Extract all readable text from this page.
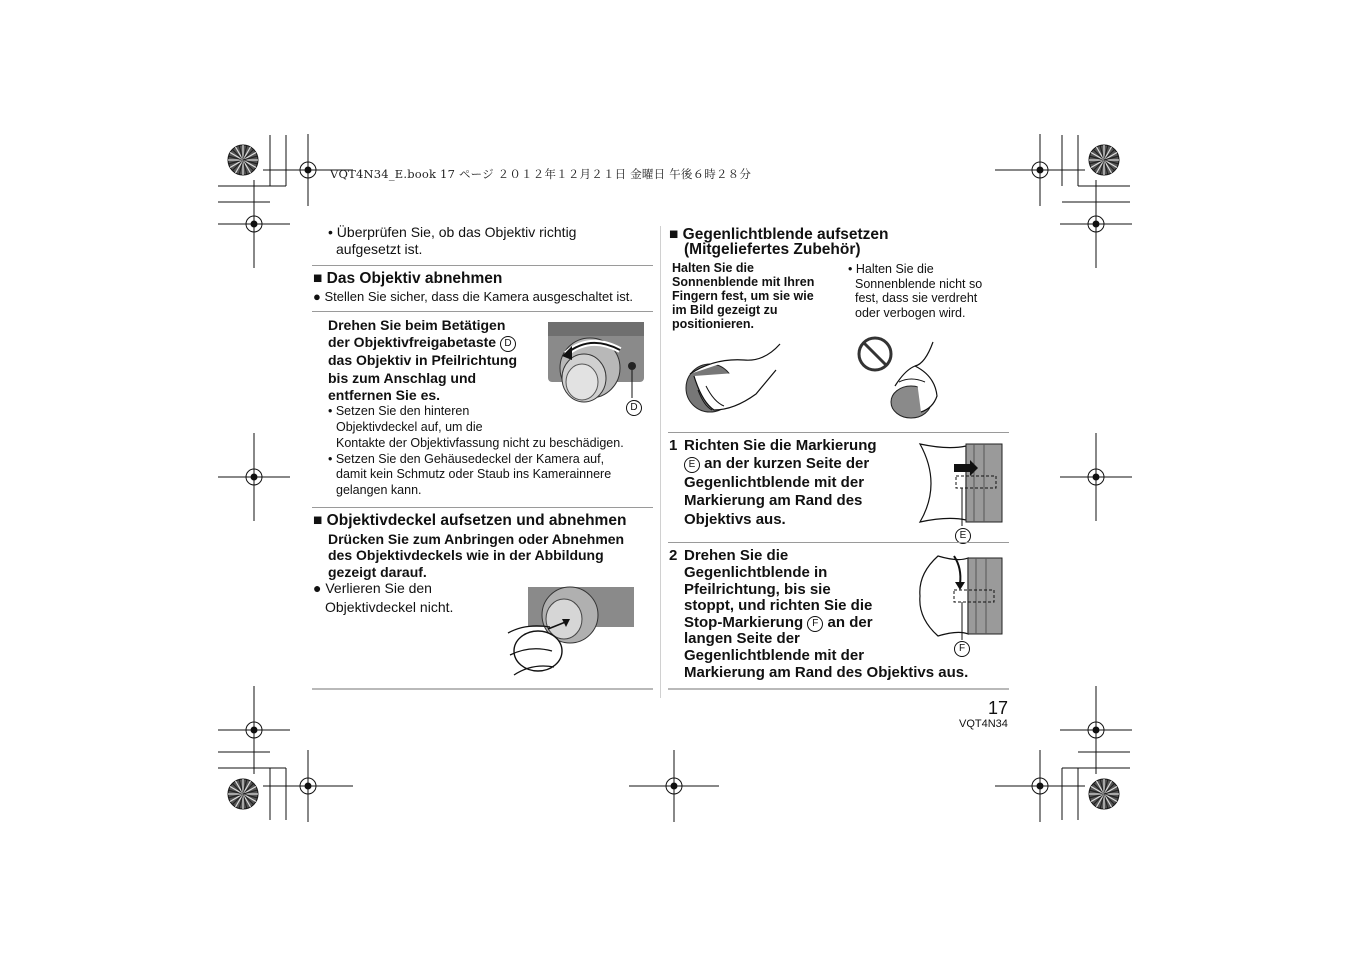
VQT4N34_E.book 17 ページ ２０１２年１２月２１日 金曜日 午後６時２８分
• Überprüfen Sie, ob das Objektiv richtig
aufgesetzt ist.
■ Das Objektiv abnehmen
● Stellen Sie sicher, dass die Kamera ausgeschaltet ist.
Drehen Sie beim Betätigen
der Objektivfreigabetaste D
das Objektiv in Pfeilrichtung
bis zum Anschlag und
entfernen Sie es.
• Setzen Sie den hinteren
Objektivdeckel auf, um die
Kontakte der Objektivfassung nicht zu beschädigen.
• Setzen Sie den Gehäusedeckel der Kamera auf,
damit kein Schmutz oder Staub ins Kamerainnere
gelangen kann.
D
■ Objektivdeckel aufsetzen und abnehmen
Drücken Sie zum Anbringen oder Abnehmen
des Objektivdeckels wie in der Abbildung
gezeigt darauf.
● Verlieren Sie den
Objektivdeckel nicht.
■ Gegenlichtblende aufsetzen
(Mitgeliefertes Zubehör)
Halten Sie die
Sonnenblende mit Ihren
Fingern fest, um sie wie
im Bild gezeigt zu
positionieren.
• Halten Sie die
Sonnenblende nicht so
fest, dass sie verdreht
oder verbogen wird.
1 Richten Sie die Markierung
E an der kurzen Seite der
Gegenlichtblende mit der
Markierung am Rand des
Objektivs aus.
E
2 Drehen Sie die
Gegenlichtblende in
Pfeilrichtung, bis sie
stoppt, und richten Sie die
Stop-Markierung F an der
langen Seite der
Gegenlichtblende mit der
Markierung am Rand des Objektivs aus.
F
17
VQT4N34
